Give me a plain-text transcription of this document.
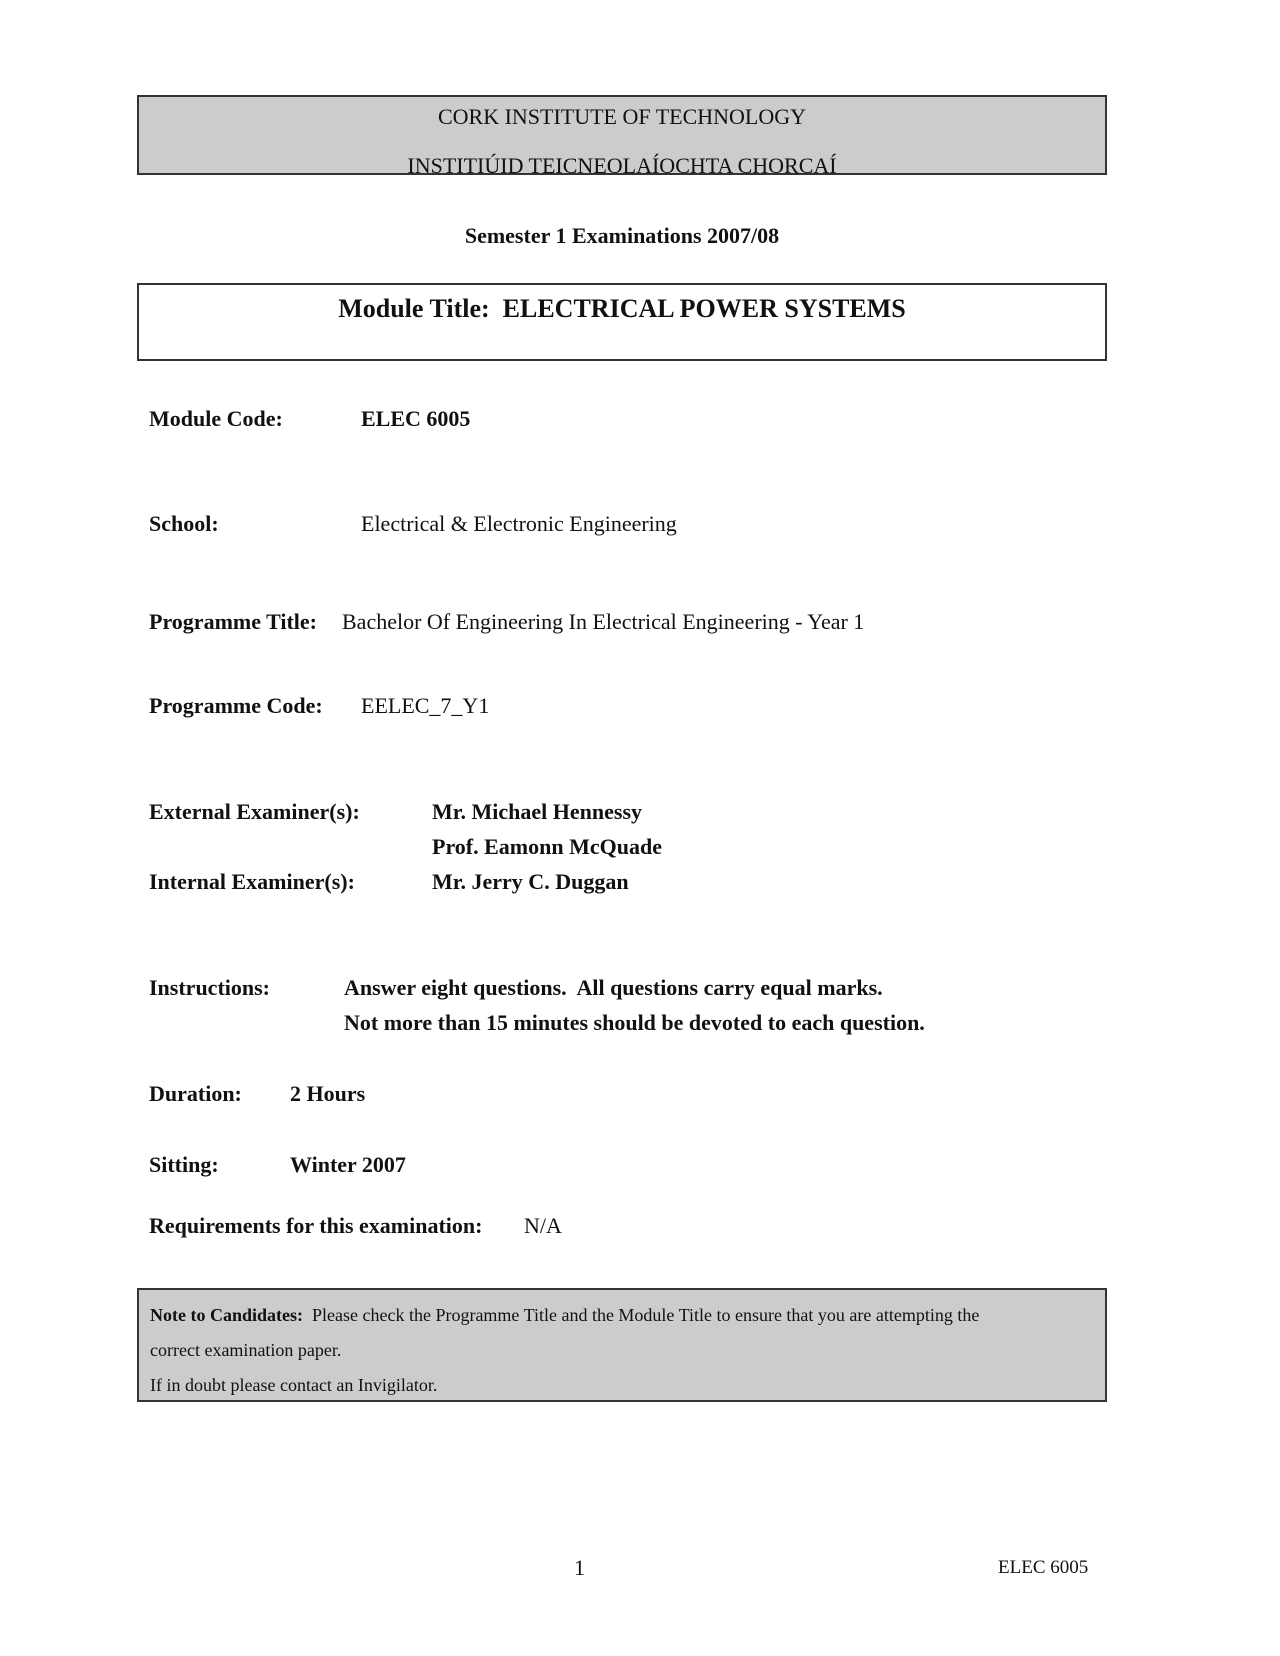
CORK INSTITUTE OF TECHNOLOGY
INSTITIÚID TEICNEOLAÍOCHTA CHORCAÍ
Semester 1 Examinations 2007/08
Module Title: ELECTRICAL POWER SYSTEMS
Module Code:	ELEC 6005
School:	Electrical & Electronic Engineering
Programme Title: Bachelor Of Engineering In Electrical Engineering - Year 1
Programme Code: EELEC_7_Y1
External Examiner(s):	Mr. Michael Hennessy
Prof. Eamonn McQuade
Internal Examiner(s):	Mr. Jerry C. Duggan
Instructions:	Answer eight questions.  All questions carry equal marks.
Not more than 15 minutes should be devoted to each question.
Duration: 2 Hours
Sitting:	Winter 2007
Requirements for this examination: N/A
Note to Candidates: Please check the Programme Title and the Module Title to ensure that you are attempting the
correct examination paper.
If in doubt please contact an Invigilator.
1	ELEC 6005
